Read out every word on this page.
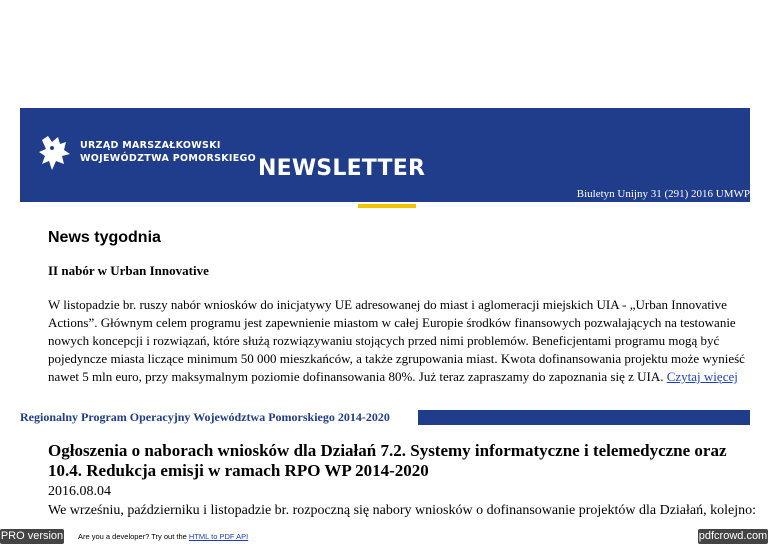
URZĄD MARSZAŁKOWSKI
WOJEWÓDZTWA POMORSKIEGO NEWSLETTER
Biuletyn Unijny 31 (291) 2016 UMWP
News tygodnia
II nabór w Urban Innovative
W listopadzie br. ruszy nabór wniosków do inicjatywy UE adresowanej do miast i aglomeracji miejskich UIA - „Urban Innovative Actions”. Głównym celem programu jest zapewnienie miastom w całej Europie środków finansowych pozwalających na testowanie nowych koncepcji i rozwiązań, które służą rozwiązywaniu stojących przed nimi problemów. Beneficjentami programu mogą być pojedyncze miasta liczące minimum 50 000 mieszkańców, a także zgrupowania miast. Kwota dofinansowania projektu może wynieść nawet 5 mln euro, przy maksymalnym poziomie dofinansowania 80%. Już teraz zapraszamy do zapoznania się z UIA. Czytaj więcej
Regionalny Program Operacyjny Województwa Pomorskiego 2014-2020
Ogłoszenia o naborach wniosków dla Działań 7.2. Systemy informatyczne i telemedyczne oraz 10.4. Redukcja emisji w ramach RPO WP 2014-2020
2016.08.04
We wrześniu, październiku i listopadzie br. rozpoczną się nabory wniosków o dofinansowanie projektów dla Działań, kolejno:
PRO version Are you a developer? Try out the HTML to PDF API	pdfcrowd.com
